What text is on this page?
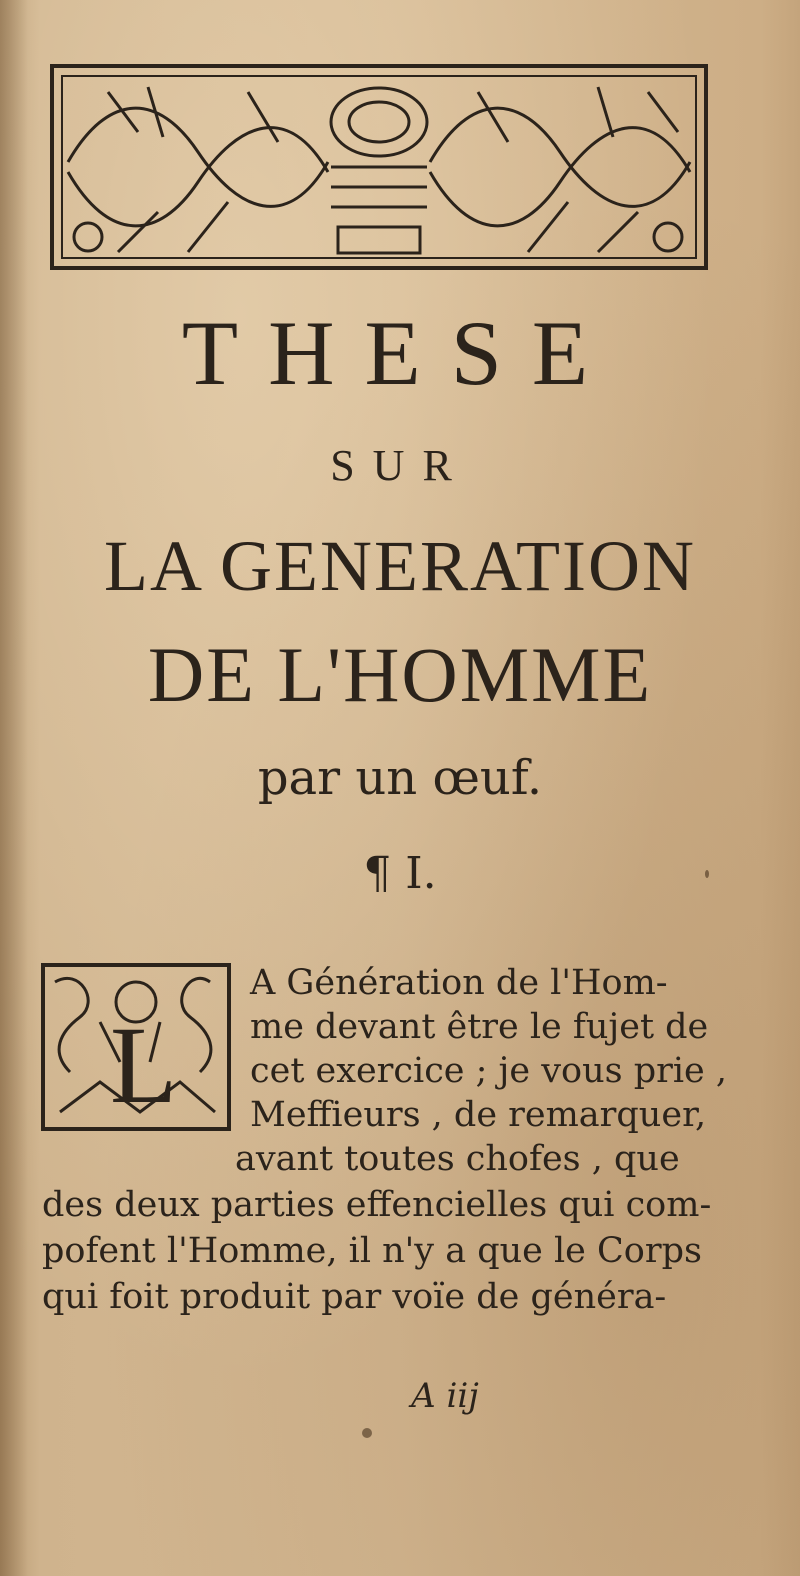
THESE
SUR
LA GENERATION
DE L'HOMME
par un œuf.
¶ I.
L
A Génération de l'Hom-
me devant être le fujet de
cet exercice ; je vous prie ,
Meffieurs , de remarquer,
avant toutes chofes , que
des deux parties effencielles qui com-
pofent l'Homme, il n'y a que le Corps
qui foit produit par voïe de généra-
A iij
